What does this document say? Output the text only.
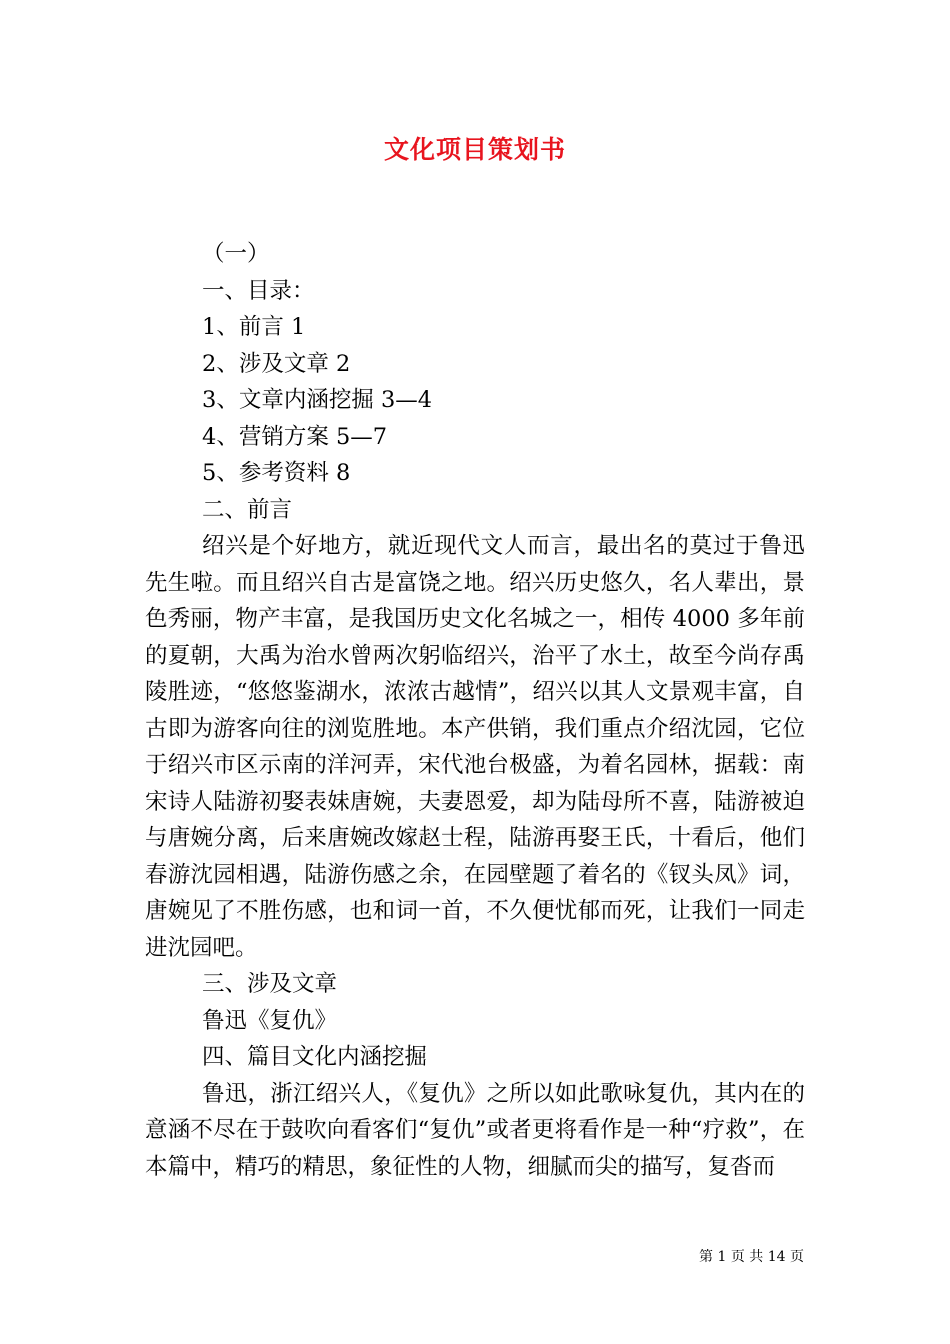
文化项目策划书

（一）

一、目录：

1、前言 1

2、涉及文章 2

3、文章内涵挖掘 3—4

4、营销方案 5—7

5、参考资料 8

二、前言

绍兴是个好地方，就近现代文人而言，最出名的莫过于鲁迅先生啦。而且绍兴自古是富饶之地。绍兴历史悠久，名人辈出，景色秀丽，物产丰富，是我国历史文化名城之一，相传 4000 多年前的夏朝，大禹为治水曾两次躬临绍兴，治平了水土，故至今尚存禹陵胜迹，“悠悠鉴湖水，浓浓古越情”，绍兴以其人文景观丰富，自古即为游客向往的浏览胜地。本产供销，我们重点介绍沈园，它位于绍兴市区示南的洋河弄，宋代池台极盛，为着名园林，据载：南宋诗人陆游初娶表妹唐婉，夫妻恩爱，却为陆母所不喜，陆游被迫与唐婉分离，后来唐婉改嫁赵士程，陆游再娶王氏，十看后，他们春游沈园相遇，陆游伤感之余，在园壁题了着名的《钗头凤》词，唐婉见了不胜伤感，也和词一首，不久便忧郁而死，让我们一同走进沈园吧。

三、涉及文章

鲁迅《复仇》

四、篇目文化内涵挖掘

鲁迅，浙江绍兴人，《复仇》之所以如此歌咏复仇，其内在的意涵不尽在于鼓吹向看客们“复仇”或者更将看作是一种“疗救”，在本篇中，精巧的精思，象征性的人物，细腻而尖的描写，复沓而

第 1 页 共 14 页
